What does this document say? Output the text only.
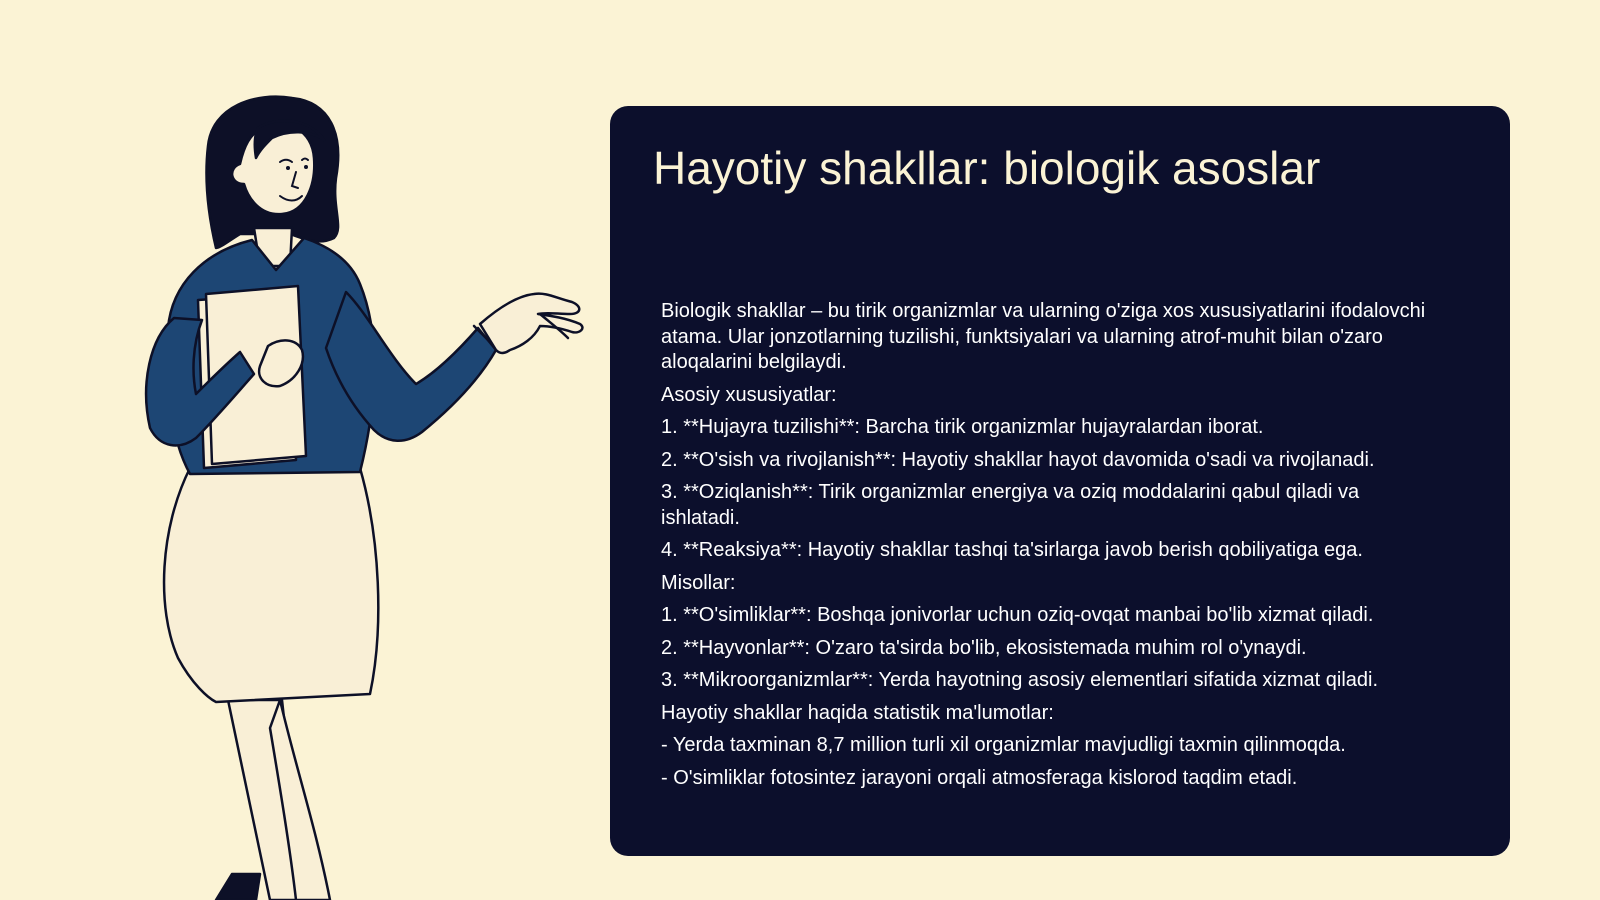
Hayotiy shakllar: biologik asoslar

Biologik shakllar – bu tirik organizmlar va ularning o'ziga xos xususiyatlarini ifodalovchi atama. Ular jonzotlarning tuzilishi, funktsiyalari va ularning atrof-muhit bilan o'zaro aloqalarini belgilaydi.

Asosiy xususiyatlar:

1. **Hujayra tuzilishi**: Barcha tirik organizmlar hujayralardan iborat.

2. **O'sish va rivojlanish**: Hayotiy shakllar hayot davomida o'sadi va rivojlanadi.

3. **Oziqlanish**: Tirik organizmlar energiya va oziq moddalarini qabul qiladi va ishlatadi.

4. **Reaksiya**: Hayotiy shakllar tashqi ta'sirlarga javob berish qobiliyatiga ega.

Misollar:

1. **O'simliklar**: Boshqa jonivorlar uchun oziq-ovqat manbai bo'lib xizmat qiladi.

2. **Hayvonlar**: O'zaro ta'sirda bo'lib, ekosistemada muhim rol o'ynaydi.

3. **Mikroorganizmlar**: Yerda hayotning asosiy elementlari sifatida xizmat qiladi.

Hayotiy shakllar haqida statistik ma'lumotlar:

- Yerda taxminan 8,7 million turli xil organizmlar mavjudligi taxmin qilinmoqda.

- O'simliklar fotosintez jarayoni orqali atmosferaga kislorod taqdim etadi.
